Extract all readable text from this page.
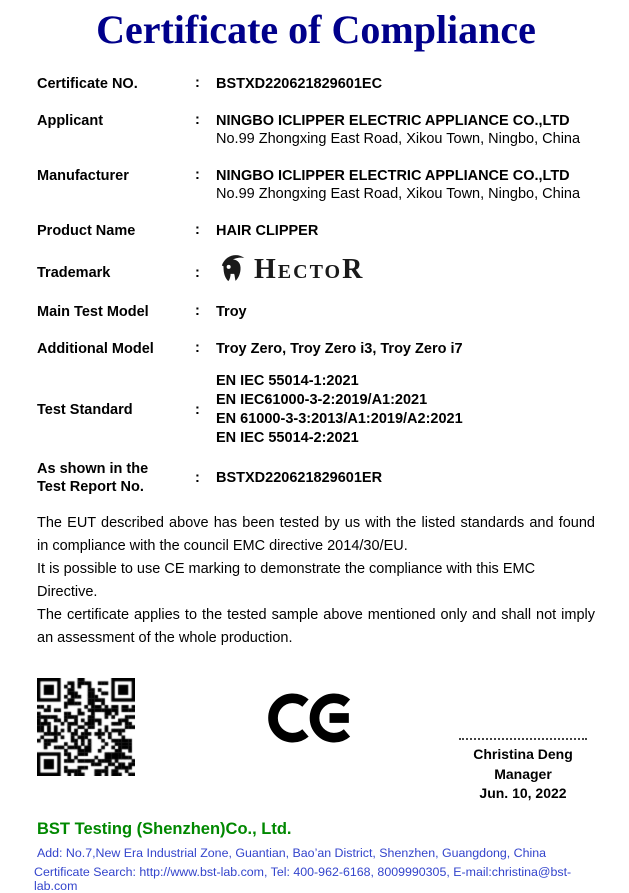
Certificate of Compliance
Certificate NO.	:	BSTXD220621829601EC
Applicant	:	NINGBO ICLIPPER ELECTRIC APPLIANCE CO.,LTD
No.99 Zhongxing East Road, Xikou Town, Ningbo, China
Manufacturer	:	NINGBO ICLIPPER ELECTRIC APPLIANCE CO.,LTD
No.99 Zhongxing East Road, Xikou Town, Ningbo, China
Product Name	:	HAIR CLIPPER
Trademark	:	H ECTO R
Main Test Model	:	Troy
Additional Model	:	Troy Zero, Troy Zero i3, Troy Zero i7
Test Standard	:
EN IEC 55014-1:2021
EN IEC61000-3-2:2019/A1:2021
EN 61000-3-3:2013/A1:2019/A2:2021
EN IEC 55014-2:2021
As shown in the
Test Report No.
:	BSTXD220621829601ER
The EUT described above has been tested by us with the listed standards and found
in compliance with the council EMC directive 2014/30/EU.
It is possible to use CE marking to demonstrate the compliance with this EMC Directive.
The certificate applies to the tested sample above mentioned only and shall not imply
an assessment of the whole production.
Christina Deng
Manager
Jun. 10, 2022
BST Testing (Shenzhen)Co., Ltd.
Add: No.7,New Era Industrial Zone, Guantian, Bao’an District, Shenzhen, Guangdong, China
Certificate Search: http://www.bst-lab.com, Tel: 400-962-6168, 8009990305, E-mail:christina@bst-lab.com
